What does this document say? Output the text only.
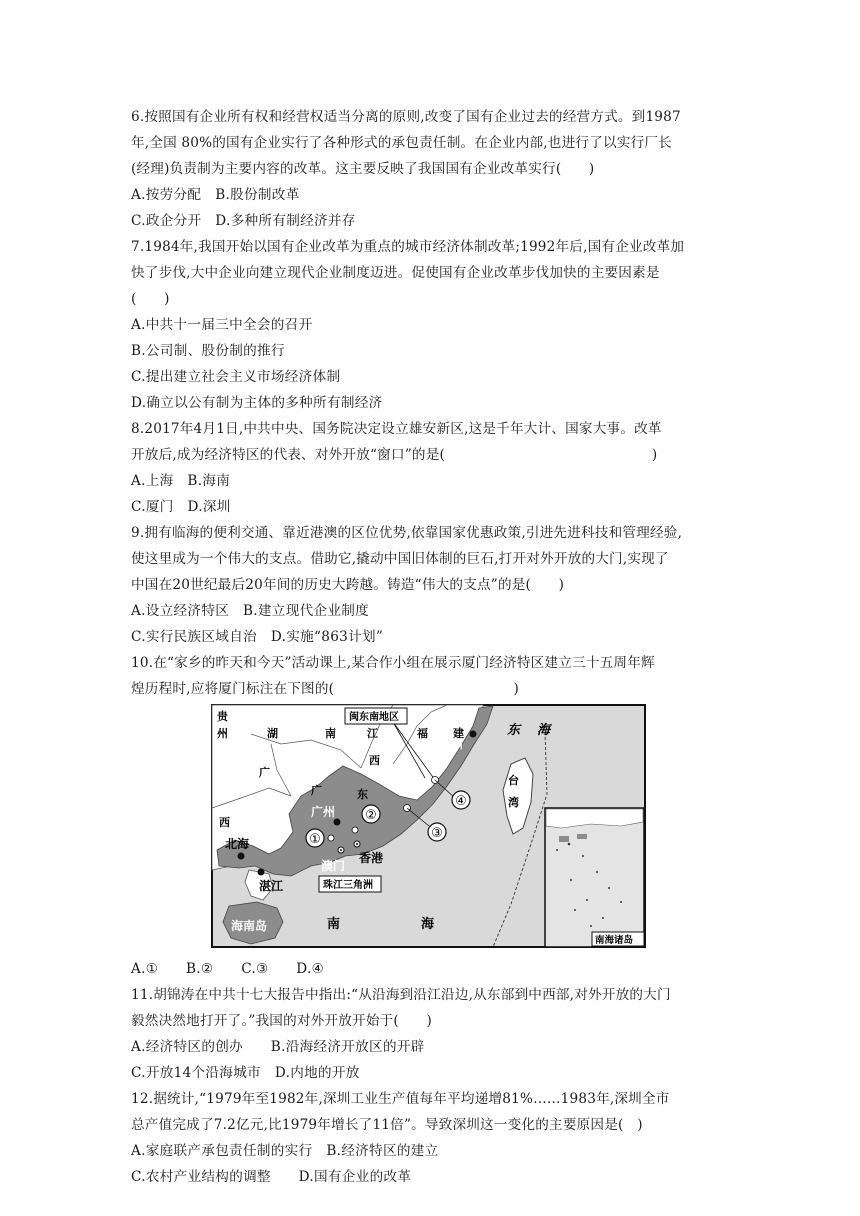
6.按照国有企业所有权和经营权适当分离的原则,改变了国有企业过去的经营方式。到1987
年,全国 80%的国有企业实行了各种形式的承包责任制。在企业内部,也进行了以实行厂长
(经理)负责制为主要内容的改革。这主要反映了我国国有企业改革实行(　　)
A.按劳分配　B.股份制改革
C.政企分开　D.多种所有制经济并存
7.1984年,我国开始以国有企业改革为重点的城市经济体制改革;1992年后,国有企业改革加
快了步伐,大中企业向建立现代企业制度迈进。促使国有企业改革步伐加快的主要因素是
(　　)
A.中共十一届三中全会的召开
B.公司制、股份制的推行
C.提出建立社会主义市场经济体制
D.确立以公有制为主体的多种所有制经济
8.2017年4月1日,中共中央、国务院决定设立雄安新区,这是千年大计、国家大事。改革
开放后,成为经济特区的代表、对外开放“窗口”的是(　　　　　　　　　　　　　　　)
A.上海　B.海南
C.厦门　D.深圳
9.拥有临海的便利交通、靠近港澳的区位优势,依靠国家优惠政策,引进先进科技和管理经验,
使这里成为一个伟大的支点。借助它,撬动中国旧体制的巨石,打开对外开放的大门,实现了
中国在20世纪最后20年间的历史大跨越。铸造“伟大的支点”的是(　　)
A.设立经济特区　B.建立现代企业制度
C.实行民族区域自治　D.实施“863计划”
10.在“家乡的昨天和今天”活动课上,某合作小组在展示厦门经济特区建立三十五周年辉
煌历程时,应将厦门标注在下图的(　　　　　　　　　　　　　)
贵
州	湖	南	江
西
福 建
广
西
广	东
台
湾
东 海
南	海
福州
广州
北海
湛江
澳门
香港
海南岛
闽东南地区
珠江三角洲
南海诸岛
④
③
②
①
A.①　　B.②　　C.③　　D.④
11.胡锦涛在中共十七大报告中指出:“从沿海到沿江沿边,从东部到中西部,对外开放的大门
毅然决然地打开了。”我国的对外开放开始于(　　)
A.经济特区的创办　　B.沿海经济开放区的开辟
C.开放14个沿海城市　D.内地的开放
12.据统计,“1979年至1982年,深圳工业生产值每年平均递增81%……1983年,深圳全市
总产值完成了7.2亿元,比1979年增长了11倍”。导致深圳这一变化的主要原因是(　)
A.家庭联产承包责任制的实行　B.经济特区的建立
C.农村产业结构的调整　　D.国有企业的改革
